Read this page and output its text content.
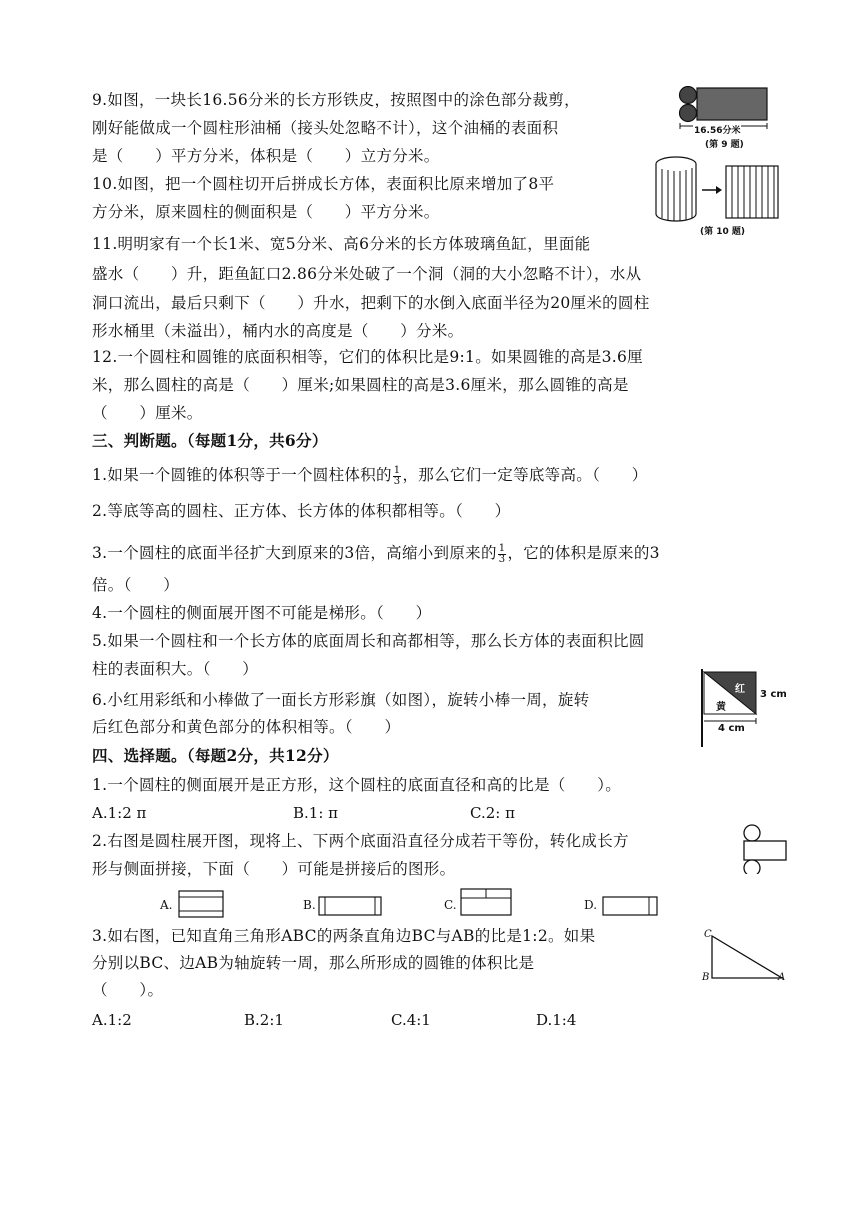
9.如图，一块长16.56分米的长方形铁皮，按照图中的涂色部分裁剪，
刚好能做成一个圆柱形油桶（接头处忽略不计），这个油桶的表面积
是（　　）平方分米，体积是（　　）立方分米。
16.56分米
(第 9 题)
10.如图，把一个圆柱切开后拼成长方体，表面积比原来增加了8平
方分米，原来圆柱的侧面积是（　　）平方分米。
(第 10 题)
11.明明家有一个长1米、宽5分米、高6分米的长方体玻璃鱼缸，里面能
盛水（　　）升，距鱼缸口2.86分米处破了一个洞（洞的大小忽略不计），水从
洞口流出，最后只剩下（　　）升水，把剩下的水倒入底面半径为20厘米的圆柱
形水桶里（未溢出），桶内水的高度是（　　）分米。
12.一个圆柱和圆锥的底面积相等，它们的体积比是9:1。如果圆锥的高是3.6厘
米，那么圆柱的高是（　　）厘米;如果圆柱的高是3.6厘米，那么圆锥的高是
（　　）厘米。
三、判断题。（每题1分，共6分）
1.如果一个圆锥的体积等于一个圆柱体积的 $\frac{1}{3}$ ，那么它们一定等底等高。（　　）
2.等底等高的圆柱、正方体、长方体的体积都相等。（　　）
3.一个圆柱的底面半径扩大到原来的3倍，高缩小到原来的 $\frac{1}{3}$ ，它的体积是原来的3
倍。（　　）
4.一个圆柱的侧面展开图不可能是梯形。（　　）
5.如果一个圆柱和一个长方体的底面周长和高都相等，那么长方体的表面积比圆
柱的表面积大。（　　）
6.小红用彩纸和小棒做了一面长方形彩旗（如图），旋转小棒一周，旋转
后红色部分和黄色部分的体积相等。（　　）
红
黄
3 cm
4 cm
四、选择题。（每题2分，共12分）
1.一个圆柱的侧面展开是正方形，这个圆柱的底面直径和高的比是（　　）。
A.1:2 π	B.1: π	C.2: π
2.右图是圆柱展开图，现将上、下两个底面沿直径分成若干等份，转化成长方
形与侧面拼接，下面（　　）可能是拼接后的图形。
A.	B.	C.	D.
3.如右图，已知直角三角形ABC的两条直角边BC与AB的比是1:2。如果
分别以BC、边AB为轴旋转一周，那么所形成的圆锥的体积比是
（　　）。
C
B	A
A.1:2	B.2:1	C.4:1	D.1:4
